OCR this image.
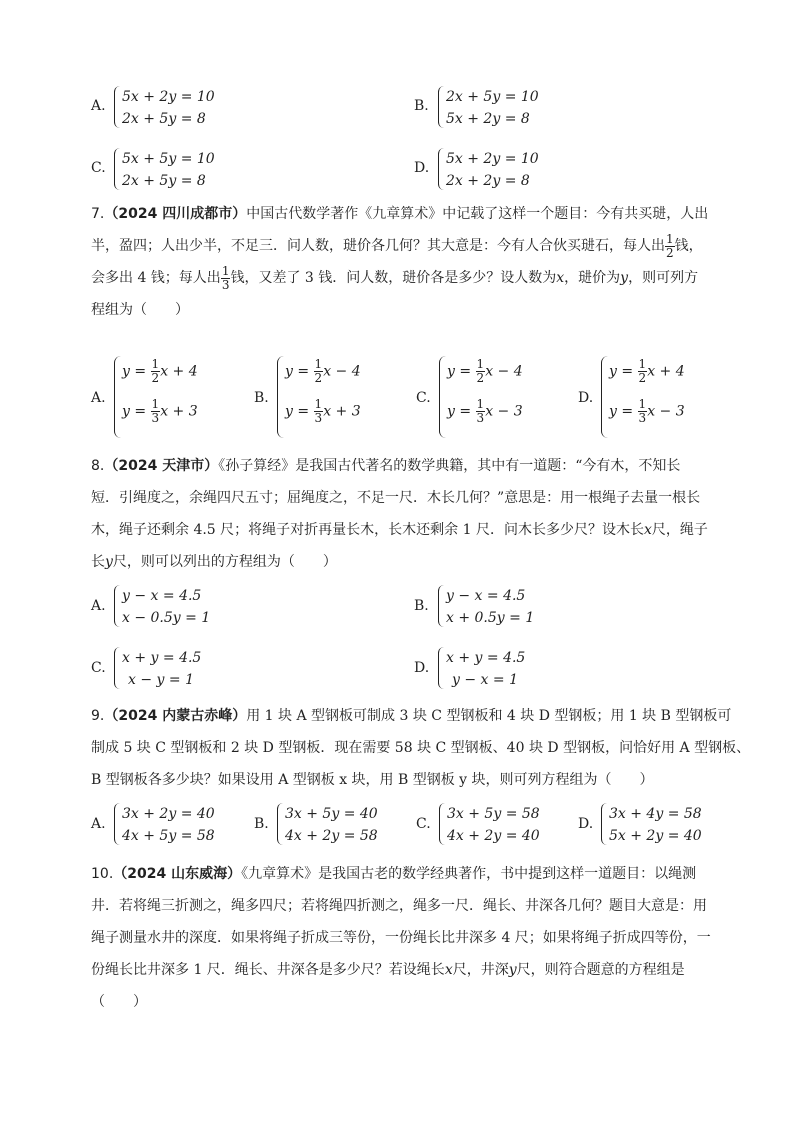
A.
5x + 2y = 10
2x + 5y = 8
B.
2x + 5y = 10
5x + 2y = 8
C.
5x + 5y = 10
2x + 5y = 8
D.
5x + 2y = 10
2x + 2y = 8

7.（2024 四川成都市）中国古代数学著作《九章算术》中记载了这样一个题目：今有共买琎，人出

半，盈四；人出少半，不足三．问人数，琎价各几何？其大意是：今有人合伙买琎石，每人出 $\frac{1}{2}$ 钱，

会多出 4 钱；每人出 $\frac{1}{3}$ 钱，又差了 3 钱．问人数，琎价各是多少？设人数为x，琎价为y，则可列方

程组为（　　）

A.
$y = \frac{1}{2}$ x + 4
$y = \frac{1}{3}$ x + 3
B.
$y = \frac{1}{2}$ x − 4
$y = \frac{1}{3}$ x + 3
C.
$y = \frac{1}{2}$ x − 4
$y = \frac{1}{3}$ x − 3
D.
$y = \frac{1}{2}$ x + 4
$y = \frac{1}{3}$ x − 3

8.（2024 天津市）《孙子算经》是我国古代著名的数学典籍，其中有一道题：“今有木，不知长

短．引绳度之，余绳四尺五寸；屈绳度之，不足一尺．木长几何？”意思是：用一根绳子去量一根长

木，绳子还剩余 4.5 尺；将绳子对折再量长木，长木还剩余 1 尺．问木长多少尺？设木长x尺，绳子

长y尺，则可以列出的方程组为（　　）

A.
y − x = 4.5
x − 0.5y = 1
B.
y − x = 4.5
x + 0.5y = 1
C.
x + y = 4.5
x − y = 1
D.
x + y = 4.5
y − x = 1

9.（2024 内蒙古赤峰）用 1 块 A 型钢板可制成 3 块 C 型钢板和 4 块 D 型钢板；用 1 块 B 型钢板可

制成 5 块 C 型钢板和 2 块 D 型钢板．现在需要 58 块 C 型钢板、40 块 D 型钢板，问恰好用 A 型钢板、

B 型钢板各多少块？如果设用 A 型钢板 x 块，用 B 型钢板 y 块，则可列方程组为（　　）

A.
3x + 2y = 40
4x + 5y = 58
B.
3x + 5y = 40
4x + 2y = 58
C.
3x + 5y = 58
4x + 2y = 40
D.
3x + 4y = 58
5x + 2y = 40

10.（2024 山东威海）《九章算术》是我国古老的数学经典著作，书中提到这样一道题目：以绳测

井．若将绳三折测之，绳多四尺；若将绳四折测之，绳多一尺．绳长、井深各几何？题目大意是：用

绳子测量水井的深度．如果将绳子折成三等份，一份绳长比井深多 4 尺；如果将绳子折成四等份，一

份绳长比井深多 1 尺．绳长、井深各是多少尺？若设绳长x尺，井深y尺，则符合题意的方程组是

（　　）
